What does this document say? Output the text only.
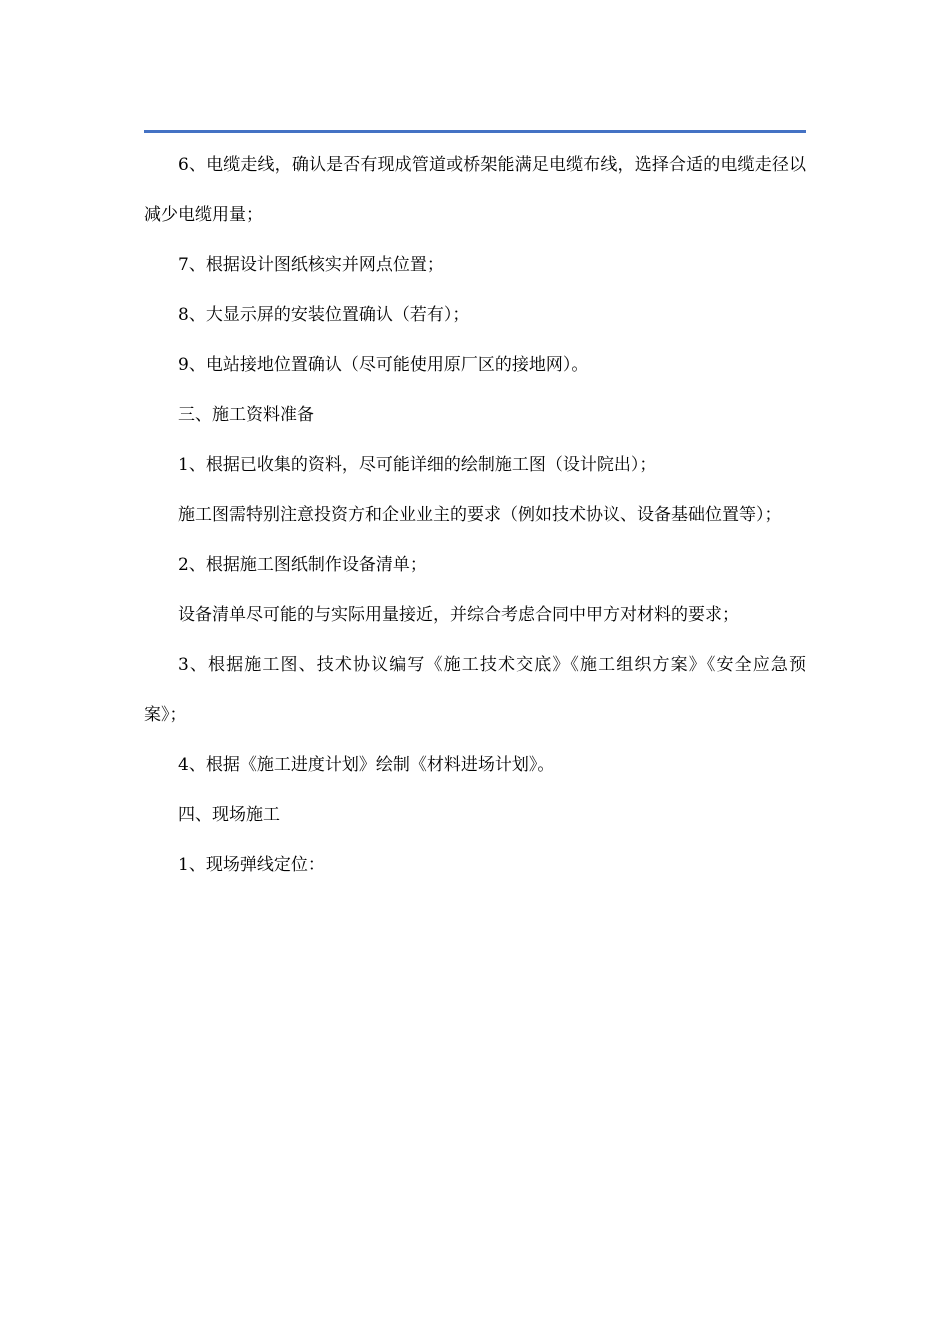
6、电缆走线，确认是否有现成管道或桥架能满足电缆布线，选择合适的电缆走径以减少电缆用量；

7、根据设计图纸核实并网点位置；

8、大显示屏的安装位置确认（若有）；

9、电站接地位置确认（尽可能使用原厂区的接地网）。

三、施工资料准备

1、根据已收集的资料，尽可能详细的绘制施工图（设计院出）；

施工图需特别注意投资方和企业业主的要求（例如技术协议、设备基础位置等）；

2、根据施工图纸制作设备清单；

设备清单尽可能的与实际用量接近，并综合考虑合同中甲方对材料的要求；

3、根据施工图、技术协议编写《施工技术交底》《施工组织方案》《安全应急预案》；

4、根据《施工进度计划》绘制《材料进场计划》。

四、现场施工

1、现场弹线定位：
